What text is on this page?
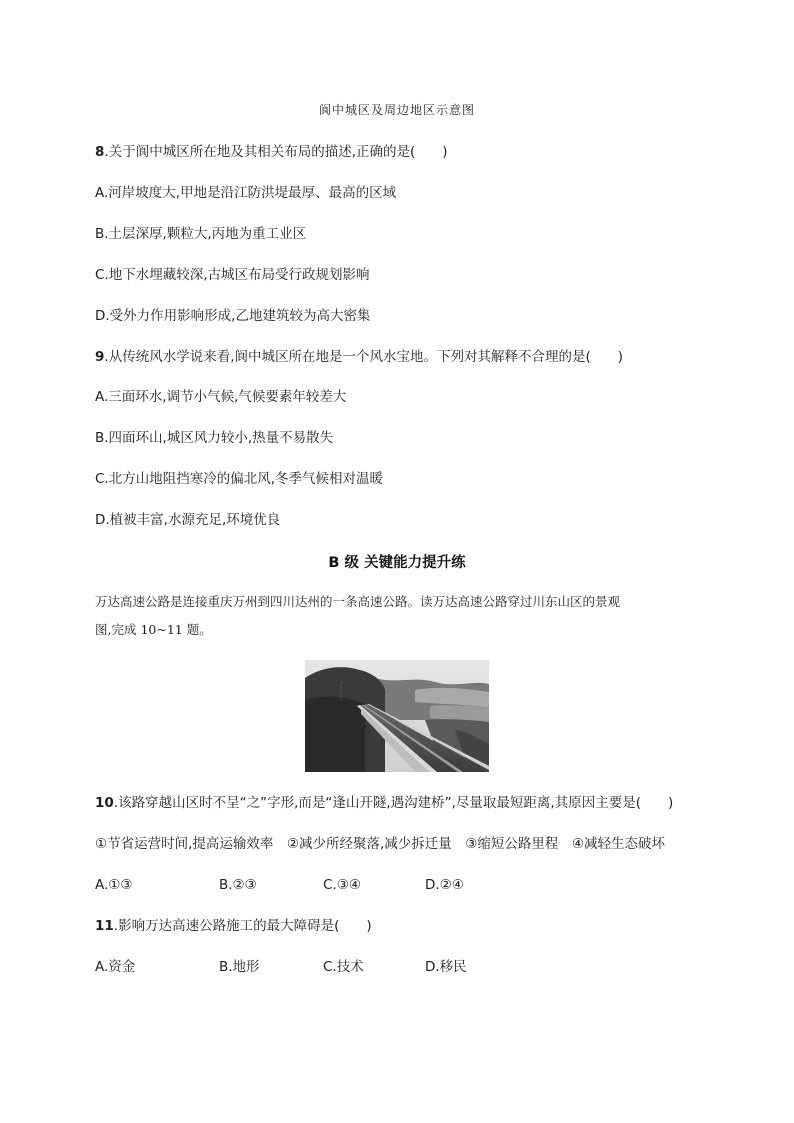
阆中城区及周边地区示意图
8.关于阆中城区所在地及其相关布局的描述,正确的是(　　)
A.河岸坡度大,甲地是沿江防洪堤最厚、最高的区域
B.土层深厚,颗粒大,丙地为重工业区
C.地下水埋藏较深,古城区布局受行政规划影响
D.受外力作用影响形成,乙地建筑较为高大密集
9.从传统风水学说来看,阆中城区所在地是一个风水宝地。下列对其解释不合理的是(　　)
A.三面环水,调节小气候,气候要素年较差大
B.四面环山,城区风力较小,热量不易散失
C.北方山地阻挡寒冷的偏北风,冬季气候相对温暖
D.植被丰富,水源充足,环境优良
B 级 关键能力提升练
万达高速公路是连接重庆万州到四川达州的一条高速公路。读万达高速公路穿过川东山区的景观
图,完成 10~11 题。
10.该路穿越山区时不呈“之”字形,而是“逢山开隧,遇沟建桥”,尽量取最短距离,其原因主要是(　　)
①节省运营时间,提高运输效率　②减少所经聚落,减少拆迁量　③缩短公路里程　④减轻生态破坏
A.①③	B.②③	C.③④	D.②④
11.影响万达高速公路施工的最大障碍是(　　)
A.资金	B.地形	C.技术	D.移民
